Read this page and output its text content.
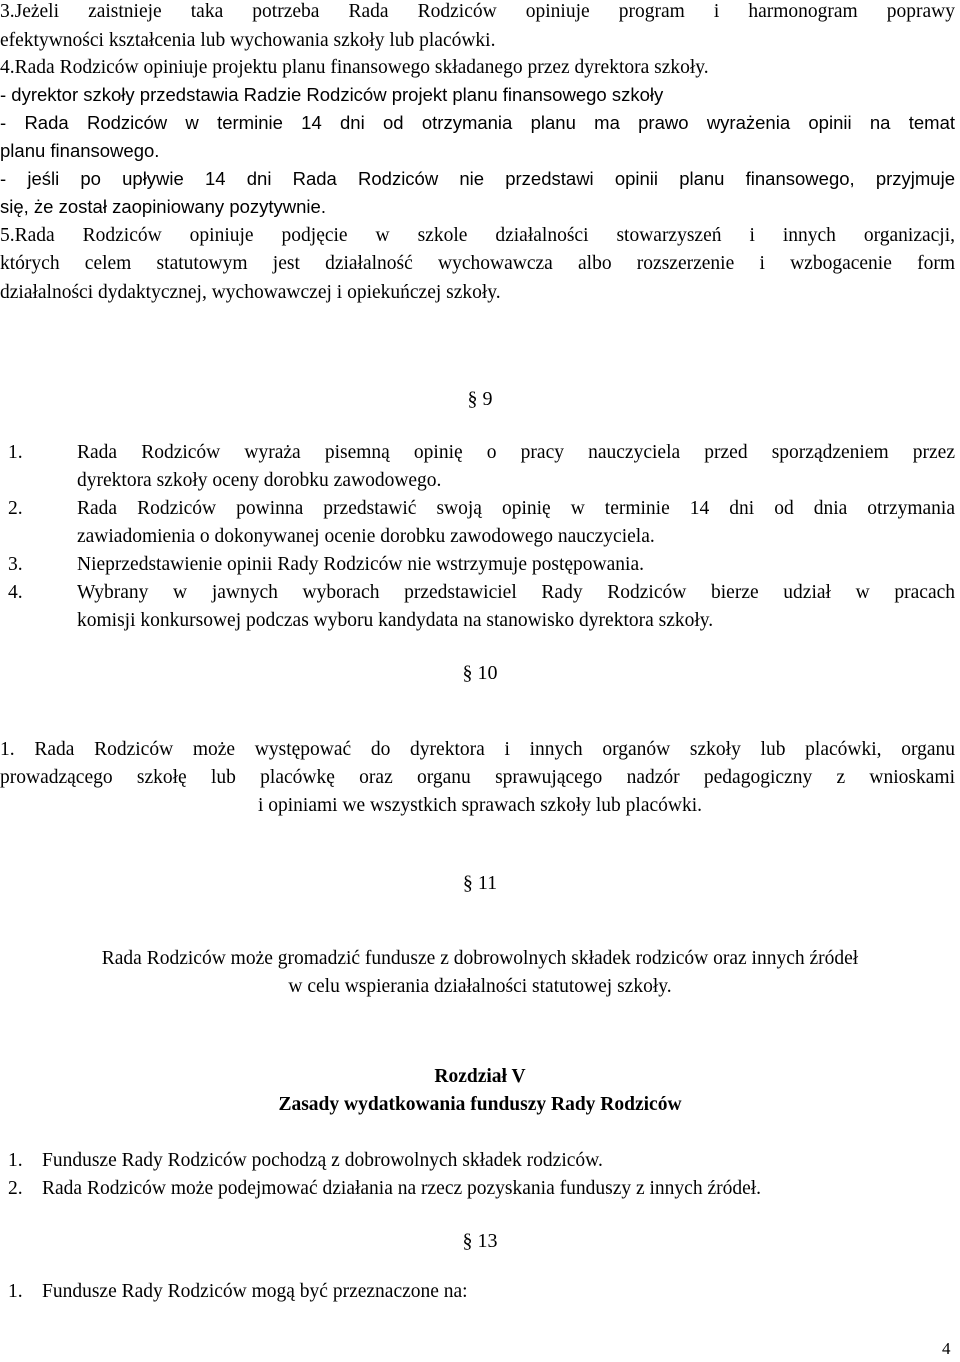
3.Jeżeli zaistnieje taka potrzeba Rada Rodziców opiniuje program i harmonogram poprawy
efektywności kształcenia lub wychowania szkoły lub placówki.
4.Rada Rodziców opiniuje projektu planu finansowego składanego przez dyrektora szkoły.
- dyrektor szkoły przedstawia Radzie Rodziców projekt planu finansowego szkoły
- Rada Rodziców w terminie 14 dni od otrzymania planu ma prawo wyrażenia opinii na temat
planu finansowego.
- jeśli po upływie 14 dni Rada Rodziców nie przedstawi opinii planu finansowego, przyjmuje
się, że został zaopiniowany pozytywnie.
5.Rada Rodziców opiniuje podjęcie w szkole działalności stowarzyszeń i innych organizacji,
których celem statutowym jest działalność wychowawcza albo rozszerzenie i wzbogacenie form
działalności dydaktycznej, wychowawczej i opiekuńczej szkoły.
§ 9
1.	Rada Rodziców wyraża pisemną opinię o pracy nauczyciela przed sporządzeniem przez
dyrektora szkoły oceny dorobku zawodowego.
2.	Rada Rodziców powinna przedstawić swoją opinię w terminie 14 dni od dnia otrzymania
zawiadomienia o dokonywanej ocenie dorobku zawodowego nauczyciela.
3.	Nieprzedstawienie opinii Rady Rodziców nie wstrzymuje postępowania.
4.	Wybrany w jawnych wyborach przedstawiciel Rady Rodziców bierze udział w pracach
komisji konkursowej podczas wyboru kandydata na stanowisko dyrektora szkoły.
§ 10
1. Rada Rodziców może występować do dyrektora i innych organów szkoły lub placówki, organu
prowadzącego szkołę lub placówkę oraz organu sprawującego nadzór pedagogiczny z wnioskami
i opiniami we wszystkich sprawach szkoły lub placówki.
§ 11
Rada Rodziców może gromadzić fundusze z dobrowolnych składek rodziców oraz innych źródeł
w celu wspierania działalności statutowej szkoły.
Rozdział V
Zasady wydatkowania funduszy Rady Rodziców
1. Fundusze Rady Rodziców pochodzą z dobrowolnych składek rodziców.
2. Rada Rodziców może podejmować działania na rzecz pozyskania funduszy z innych źródeł.
§ 13
1. Fundusze Rady Rodziców mogą być przeznaczone na:
4
